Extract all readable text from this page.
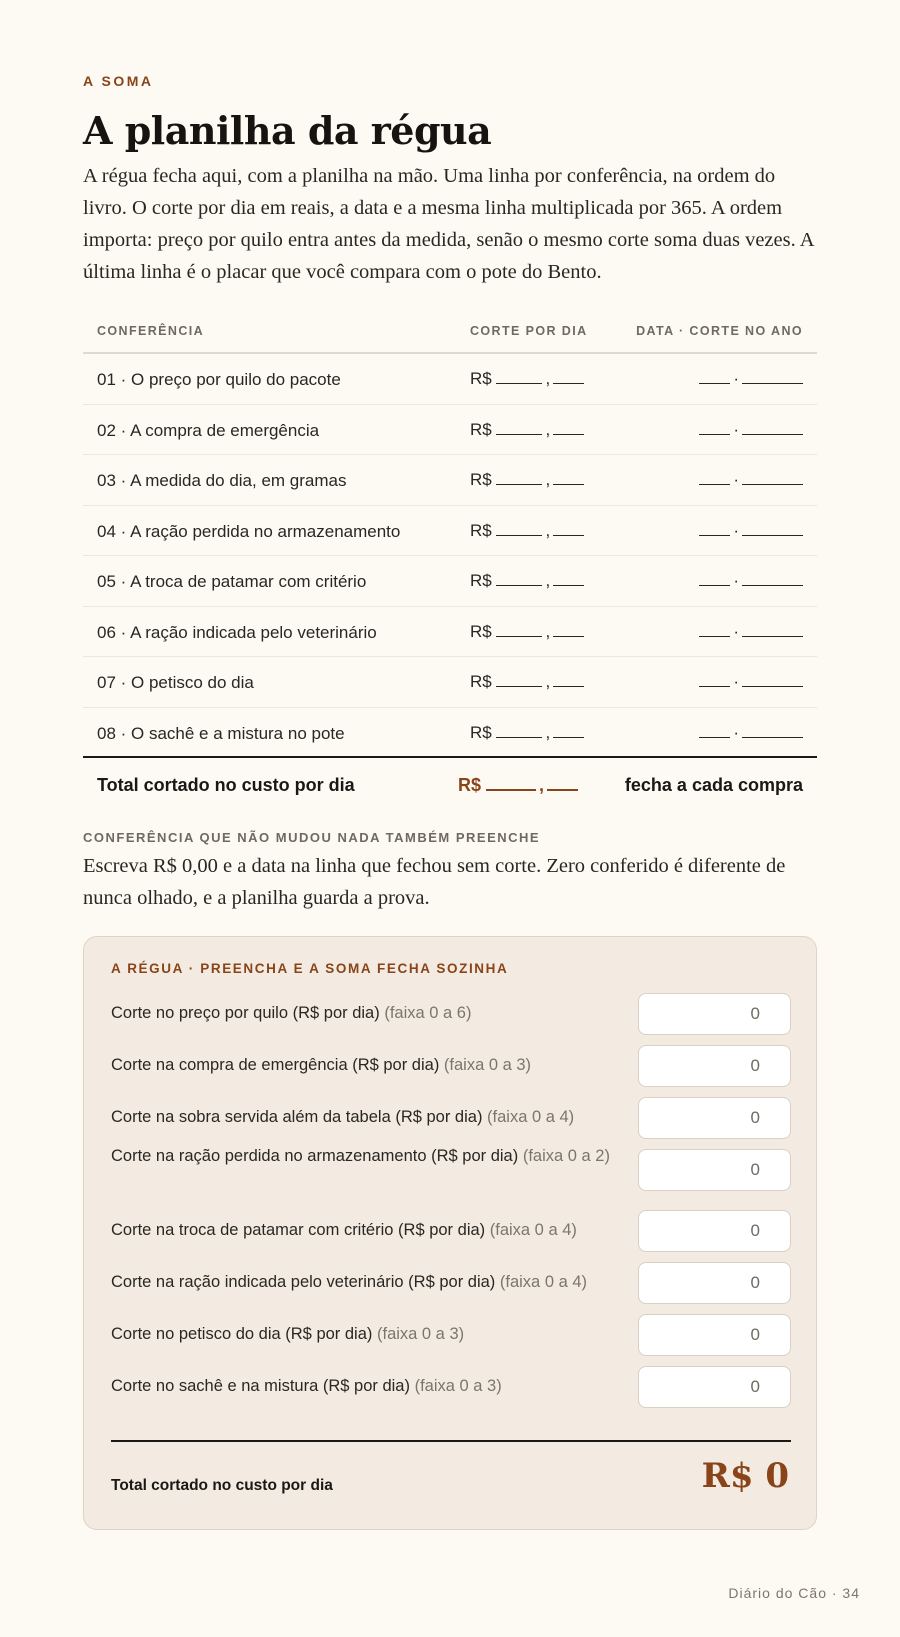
A SOMA
A planilha da régua

A régua fecha aqui, com a planilha na mão. Uma linha por conferência, na ordem do livro. O corte por dia em reais, a data e a mesma linha multiplicada por 365. A ordem importa: preço por quilo entra antes da medida, senão o mesmo corte soma duas vezes. A última linha é o placar que você compara com o pote do Bento.

CONFERÊNCIA	CORTE POR DIA	DATA · CORTE NO ANO
01 · O preço por quilo do pacote	R$	,	·
02 · A compra de emergência	R$	,	·
03 · A medida do dia, em gramas	R$	,	·
04 · A ração perdida no armazenamento	R$	,	·
05 · A troca de patamar com critério	R$	,	·
06 · A ração indicada pelo veterinário	R$	,	·
07 · O petisco do dia	R$	,	·
08 · O sachê e a mistura no pote	R$	,	·
Total cortado no custo por dia	R$	,	fecha a cada compra
CONFERÊNCIA QUE NÃO MUDOU NADA TAMBÉM PREENCHE

Escreva R$ 0,00 e a data na linha que fechou sem corte. Zero conferido é diferente de nunca olhado, e a planilha guarda a prova.

A RÉGUA · PREENCHA E A SOMA FECHA SOZINHA
Corte no preço por quilo (R$ por dia) (faixa 0 a 6)
0
Corte na compra de emergência (R$ por dia) (faixa 0 a 3)
0
Corte na sobra servida além da tabela (R$ por dia) (faixa 0 a 4)
0
Corte na ração perdida no armazenamento (R$ por dia) (faixa 0 a 2)
0
Corte na troca de patamar com critério (R$ por dia) (faixa 0 a 4)
0
Corte na ração indicada pelo veterinário (R$ por dia) (faixa 0 a 4)
0
Corte no petisco do dia (R$ por dia) (faixa 0 a 3)
0
Corte no sachê e na mistura (R$ por dia) (faixa 0 a 3)
0
Total cortado no custo por dia	R$ 0
Diário do Cão · 34
